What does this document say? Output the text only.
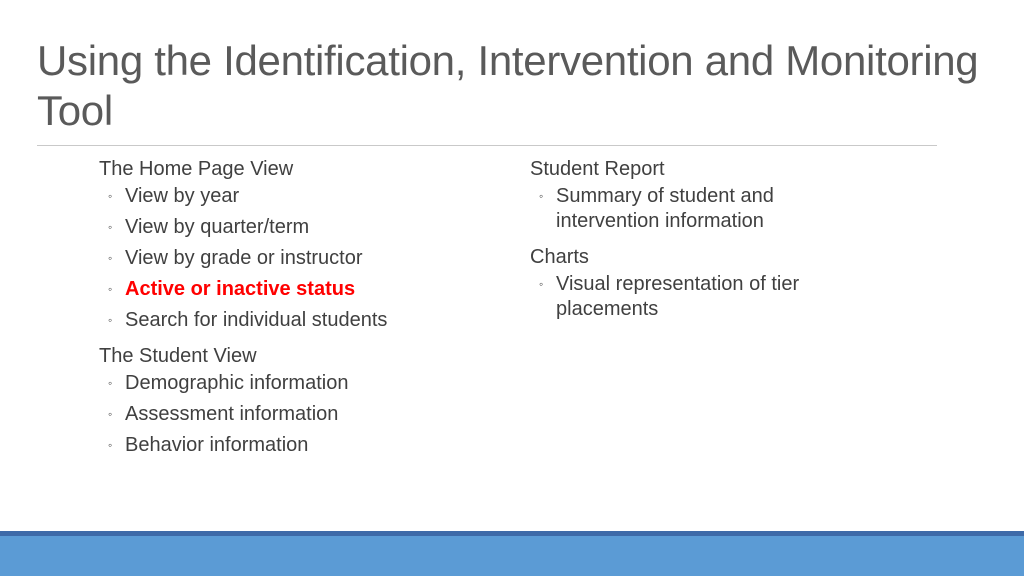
Using the Identification, Intervention and Monitoring Tool
The Home Page View
◦ View by year
◦ View by quarter/term
◦ View by grade or instructor
◦ Active or inactive status
◦ Search for individual students
The Student View
◦ Demographic information
◦ Assessment information
◦ Behavior information
Student Report
◦ Summary of student and intervention information
Charts
◦ Visual representation of tier placements
